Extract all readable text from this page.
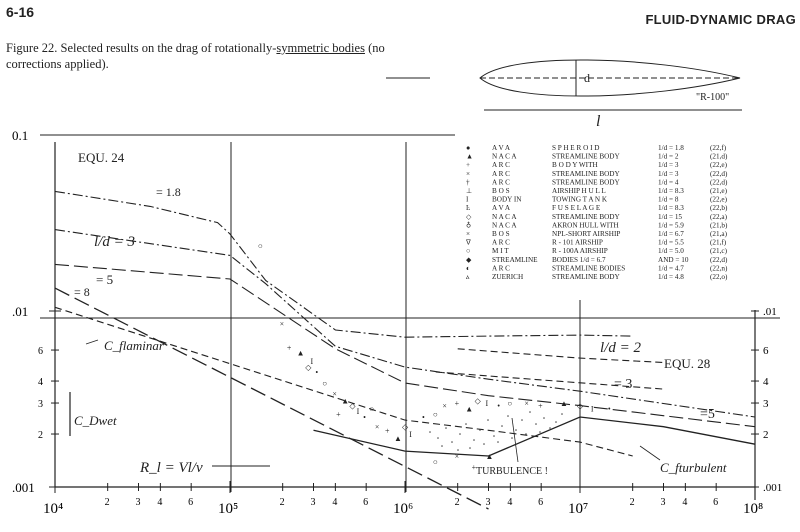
6-16	FLUID-DYNAMIC DRAG
Figure 22. Selected results on the drag of rotationally-symmetric bodies (no corrections applied).
d
"R-100"
l
10⁴	10⁵	10⁶	10⁷	10⁸
2	3 4	6	2	3 4	6	2	3 4	6	2	3 4	6
0.1
.01
.001
6
4
3
2
.01
6
4
3
2
.001
○
×
+
▲
◇
I
•
○
×
+
▲
◇
I
•
○
× +
▲
◇
I
• ○
× +
▲
◇ I • ○ × + ▲ ◇ I •
○
×
+
▲
EQU. 24
EQU. 28
C_flaminar
C_fturbulent
C_Dwet
R_l = Vl/ν	TURBULENCE !
= 1.8
l/d = 3
= 5
= 8
l/d = 2
= 3
=5
●	A V A	S P H E R O I D	1/d = 1.8	(22,f)
▲	N A C A	STREAMLINE BODY	1/d = 2	(21,d)
+	A R C	B O D Y WITH	1/d = 3	(22,e)
×	A R C	STREAMLINE BODY	1/d = 3	(22,d)
†	A R C	STREAMLINE BODY	1/d = 4	(22,d)
⊥	B O S	AIRSHIP H U L L	1/d = 8.3	(21,e)
I	BODY IN	TOWING T A N K	1/d = 8	(22,e)
Ŀ	A V A	F U S E L A G E	1/d = 8.3	(22,b)
◇	N A C A	STREAMLINE BODY	1/d = 15	(22,a)
♁	N A C A	AKRON HULL WITH	1/d = 5.9	(21,b)
×	B O S	NPL-SHORT AIRSHIP	1/d = 6.7	(21,a)
ᐁ	A R C	R - 101 AIRSHIP	1/d = 5.5	(21,f)
○	M I T	R - 100A AIRSHIP	1/d = 5.0	(21,c)
◆	STREAMLINE BODIES 1/d = 6.7	AND = 10	(22,d)
◐	A R C	STREAMLINE BODIES	1/d = 4.7	(22,n)
ⲁ	ZUERICH	STREAMLINE BODY	1/d = 4.8	(22,o)
